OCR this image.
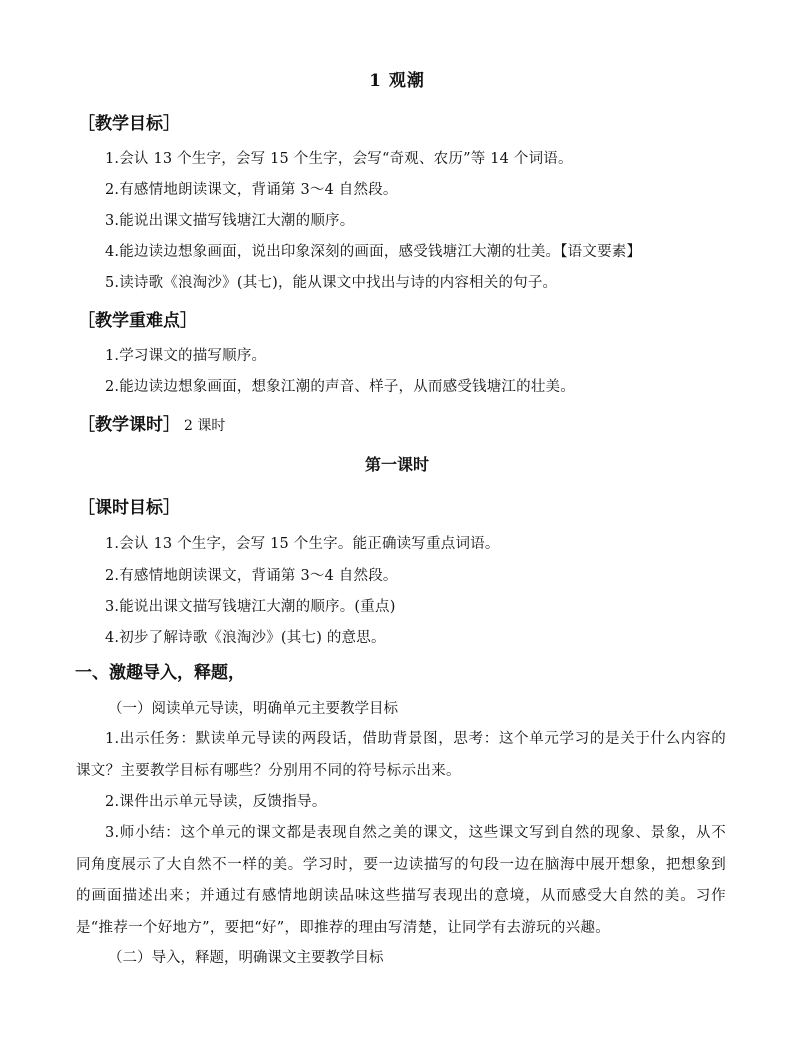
1 观潮
［教学目标］
1.会认 13 个生字，会写 15 个生字，会写“奇观、农历”等 14 个词语。
2.有感情地朗读课文，背诵第 3～4 自然段。
3.能说出课文描写钱塘江大潮的顺序。
4.能边读边想象画面，说出印象深刻的画面，感受钱塘江大潮的壮美。【语文要素】
5.读诗歌《浪淘沙》(其七)，能从课文中找出与诗的内容相关的句子。
［教学重难点］
1.学习课文的描写顺序。
2.能边读边想象画面，想象江潮的声音、样子，从而感受钱塘江的壮美。
［教学课时］ 2 课时
第一课时
［课时目标］
1.会认 13 个生字，会写 15 个生字。能正确读写重点词语。
2.有感情地朗读课文，背诵第 3～4 自然段。
3.能说出课文描写钱塘江大潮的顺序。(重点)
4.初步了解诗歌《浪淘沙》(其七) 的意思。
一、激趣导入，释题，
（一）阅读单元导读，明确单元主要教学目标
1.出示任务：默读单元导读的两段话，借助背景图，思考：这个单元学习的是关于什么内容的课文？主要教学目标有哪些？分别用不同的符号标示出来。
2.课件出示单元导读，反馈指导。
3.师小结：这个单元的课文都是表现自然之美的课文，这些课文写到自然的现象、景象，从不同角度展示了大自然不一样的美。学习时，要一边读描写的句段一边在脑海中展开想象，把想象到的画面描述出来；并通过有感情地朗读品味这些描写表现出的意境，从而感受大自然的美。习作是“推荐一个好地方”，要把“好”，即推荐的理由写清楚，让同学有去游玩的兴趣。
（二）导入，释题，明确课文主要教学目标
